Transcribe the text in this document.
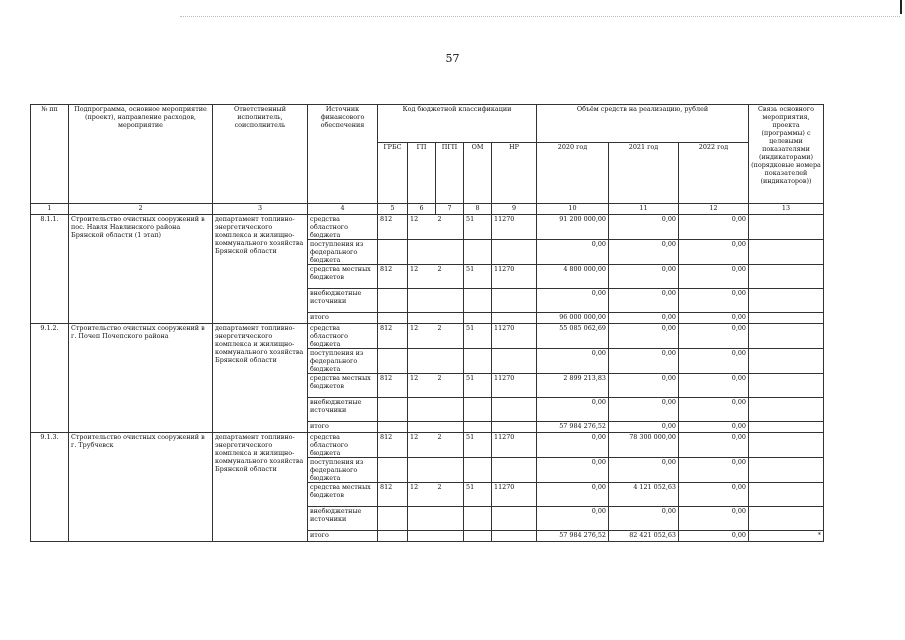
57
№ пп	Подпрограмма, основное мероприятие (проект), направление расходов, мероприятие	Ответственный исполнитель, соисполнитель	Источник финансового обеспечения	Код бюджетной классификации					Объём средств на реализацию, рублей			Связь основного мероприятия, проекта (программы) с целевыми показателями (индикаторами) (порядковые номера показателей (индикаторов))
				ГРБС	ГП	ПГП	ОМ	НР	2020 год	2021 год	2022 год	
1	2	3	4	5	6	7	8	9	10	11	12	13
8.1.1.	Строительство очистных сооружений в пос. Навля Навлинского района Брянской области (1 этап)	департамент топливно-энергетического комплекса и жилищно-коммунального хозяйства Брянской области	средства областного бюджета	812	12	2	51	11270	91 200 000,00	0,00	0,00	
			поступления из федерального бюджета						0,00	0,00	0,00	
			средства местных бюджетов	812	12	2	51	11270	4 800 000,00	0,00	0,00	
			внебюджетные источники						0,00	0,00	0,00	
			итого						96 000 000,00	0,00	0,00	
9.1.2.	Строительство очистных сооружений в г. Почеп Почепского района	департамент топливно-энергетического комплекса и жилищно-коммунального хозяйства Брянской области	средства областного бюджета	812	12	2	51	11270	55 085 062,69	0,00	0,00	
			поступления из федерального бюджета						0,00	0,00	0,00	
			средства местных бюджетов	812	12	2	51	11270	2 899 213,83	0,00	0,00	
			внебюджетные источники						0,00	0,00	0,00	
			итого						57 984 276,52	0,00	0,00	
9.1.3.	Строительство очистных сооружений в г. Трубчевск	департамент топливно-энергетического комплекса и жилищно-коммунального хозяйства Брянской области	средства областного бюджета	812	12	2	51	11270	0,00	78 300 000,00	0,00	
			поступления из федерального бюджета						0,00	0,00	0,00	
			средства местных бюджетов	812	12	2	51	11270	0,00	4 121 052,63	0,00	
			внебюджетные источники						0,00	0,00	0,00	
			итого						57 984 276,52	82 421 052,63	0,00	*
